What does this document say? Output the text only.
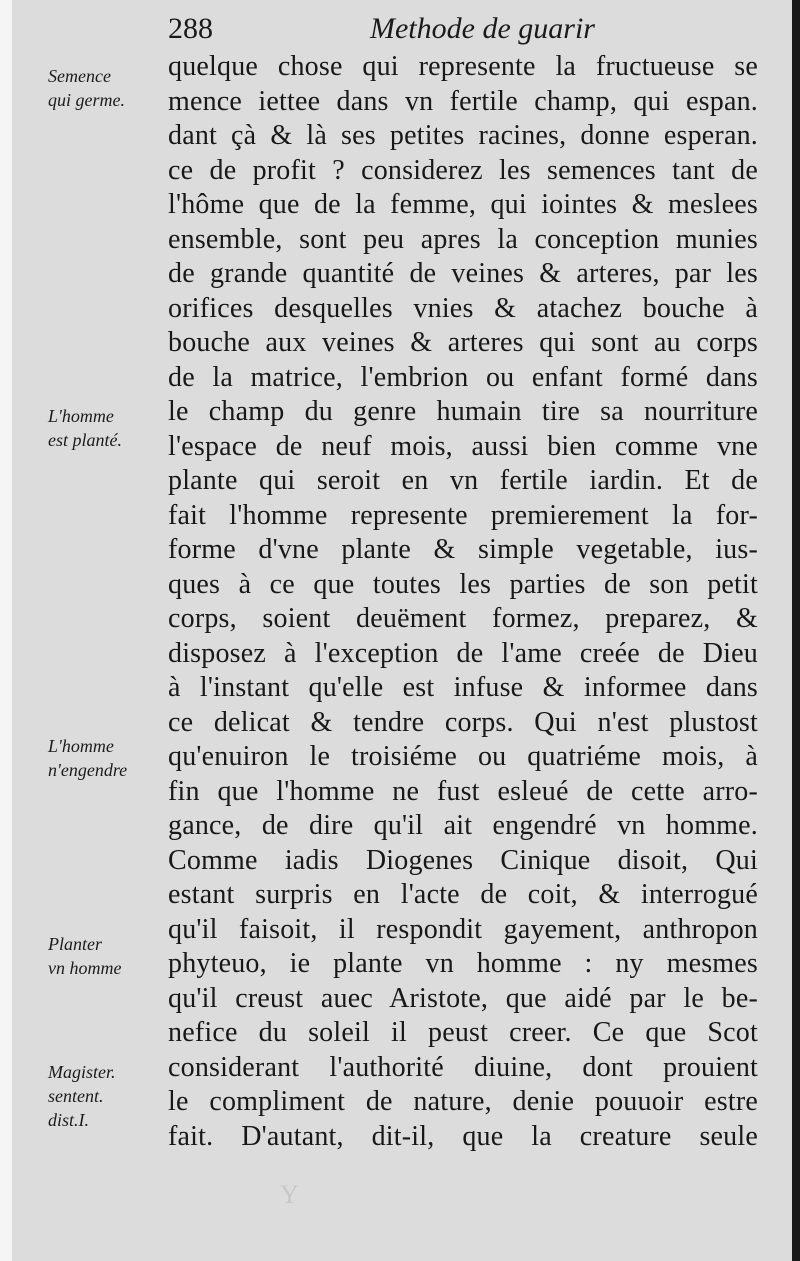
288	Methode de guarir
Semence
qui germe.
L'homme
est planté.
L'homme
n'engendre
Planter
vn homme
Magister.
sentent.
dist.I.
quelque chose qui represente la fructueuse se
mence iettee dans vn fertile champ, qui espan.
dant çà & là ses petites racines, donne esperan.
ce de profit ? considerez les semences tant de
l'hôme que de la femme, qui iointes & meslees
ensemble, sont peu apres la conception munies
de grande quantité de veines & arteres, par les
orifices desquelles vnies & atachez bouche à
bouche aux veines & arteres qui sont au corps
de la matrice, l'embrion ou enfant formé dans
le champ du genre humain tire sa nourriture
l'espace de neuf mois, aussi bien comme vne
plante qui seroit en vn fertile iardin. Et de
fait l'homme represente premierement la for-
forme d'vne plante & simple vegetable, ius-
ques à ce que toutes les parties de son petit
corps, soient deuëment formez, preparez, &
disposez à l'exception de l'ame creée de Dieu
à l'instant qu'elle est infuse & informee dans
ce delicat & tendre corps. Qui n'est plustost
qu'enuiron le troisiéme ou quatriéme mois, à
fin que l'homme ne fust esleué de cette arro-
gance, de dire qu'il ait engendré vn homme.
Comme iadis Diogenes Cinique disoit, Qui
estant surpris en l'acte de coit, & interrogué
qu'il faisoit, il respondit gayement, anthropon
phyteuo, ie plante vn homme : ny mesmes
qu'il creust auec Aristote, que aidé par le be-
nefice du soleil il peust creer. Ce que Scot
considerant l'authorité diuine, dont prouient
le compliment de nature, denie pouuoir estre
fait. D'autant, dit-il, que la creature seule
Y
